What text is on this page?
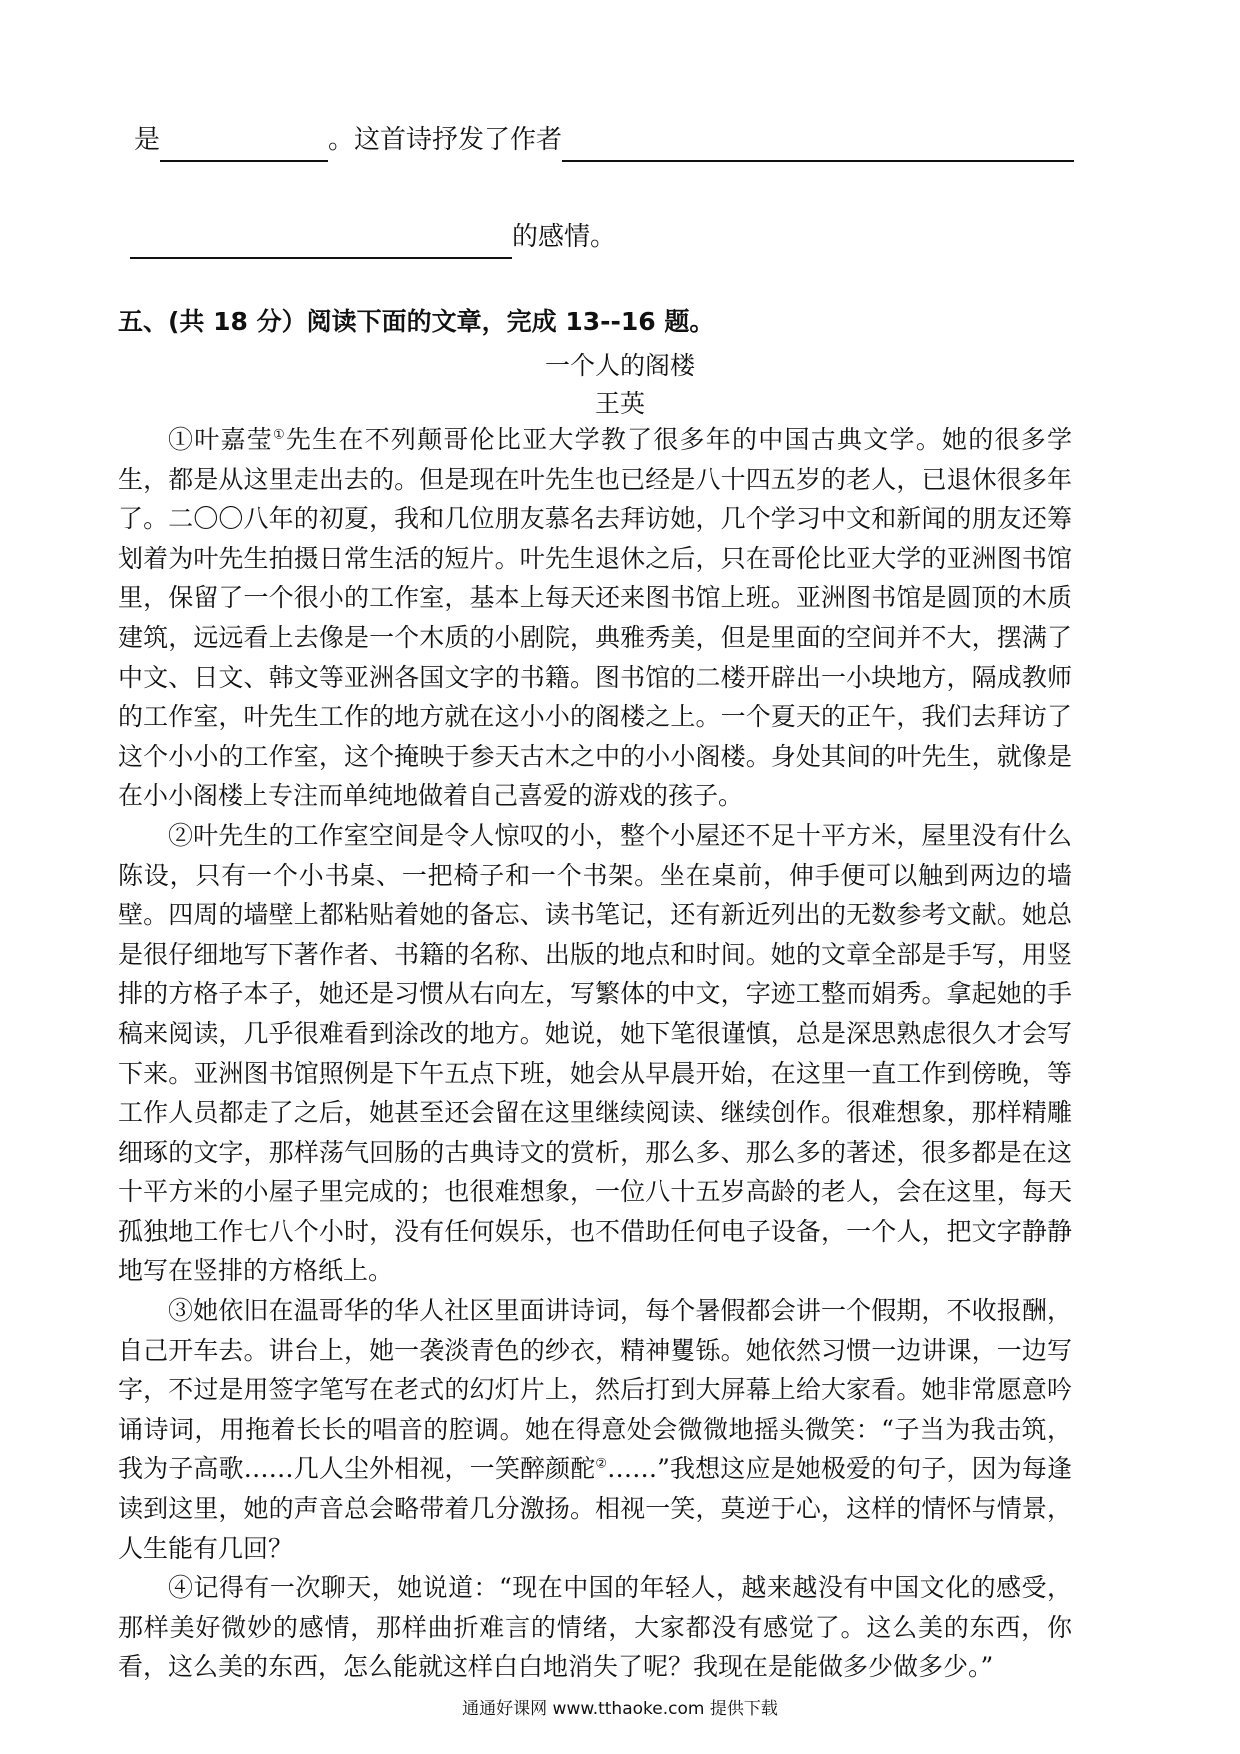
是	。这首诗抒发了作者
的感情。
五、(共 18 分）阅读下面的文章，完成 13--16 题。
一个人的阁楼
王英

①叶嘉莹①先生在不列颠哥伦比亚大学教了很多年的中国古典文学。她的很多学生，都是从这里走出去的。但是现在叶先生也已经是八十四五岁的老人，已退休很多年了。二〇〇八年的初夏，我和几位朋友慕名去拜访她，几个学习中文和新闻的朋友还筹划着为叶先生拍摄日常生活的短片。叶先生退休之后，只在哥伦比亚大学的亚洲图书馆里，保留了一个很小的工作室，基本上每天还来图书馆上班。亚洲图书馆是圆顶的木质建筑，远远看上去像是一个木质的小剧院，典雅秀美，但是里面的空间并不大，摆满了中文、日文、韩文等亚洲各国文字的书籍。图书馆的二楼开辟出一小块地方，隔成教师的工作室，叶先生工作的地方就在这小小的阁楼之上。一个夏天的正午，我们去拜访了这个小小的工作室，这个掩映于参天古木之中的小小阁楼。身处其间的叶先生，就像是在小小阁楼上专注而单纯地做着自己喜爱的游戏的孩子。

②叶先生的工作室空间是令人惊叹的小，整个小屋还不足十平方米，屋里没有什么陈设，只有一个小书桌、一把椅子和一个书架。坐在桌前，伸手便可以触到两边的墙壁。四周的墙壁上都粘贴着她的备忘、读书笔记，还有新近列出的无数参考文献。她总是很仔细地写下著作者、书籍的名称、出版的地点和时间。她的文章全部是手写，用竖排的方格子本子，她还是习惯从右向左，写繁体的中文，字迹工整而娟秀。拿起她的手稿来阅读，几乎很难看到涂改的地方。她说，她下笔很谨慎，总是深思熟虑很久才会写下来。亚洲图书馆照例是下午五点下班，她会从早晨开始，在这里一直工作到傍晚，等工作人员都走了之后，她甚至还会留在这里继续阅读、继续创作。很难想象，那样精雕细琢的文字，那样荡气回肠的古典诗文的赏析，那么多、那么多的著述，很多都是在这十平方米的小屋子里完成的；也很难想象，一位八十五岁高龄的老人，会在这里，每天孤独地工作七八个小时，没有任何娱乐，也不借助任何电子设备，一个人，把文字静静地写在竖排的方格纸上。

③她依旧在温哥华的华人社区里面讲诗词，每个暑假都会讲一个假期，不收报酬，自己开车去。讲台上，她一袭淡青色的纱衣，精神矍铄。她依然习惯一边讲课，一边写字，不过是用签字笔写在老式的幻灯片上，然后打到大屏幕上给大家看。她非常愿意吟诵诗词，用拖着长长的唱音的腔调。她在得意处会微微地摇头微笑：“子当为我击筑，我为子高歌……几人尘外相视，一笑醉颜酡②……”我想这应是她极爱的句子，因为每逢读到这里，她的声音总会略带着几分激扬。相视一笑，莫逆于心，这样的情怀与情景，人生能有几回？

④记得有一次聊天，她说道：“现在中国的年轻人，越来越没有中国文化的感受，那样美好微妙的感情，那样曲折难言的情绪，大家都没有感觉了。这么美的东西，你看，这么美的东西，怎么能就这样白白地消失了呢？我现在是能做多少做多少。”

通通好课网 www.tthaoke.com 提供下载
